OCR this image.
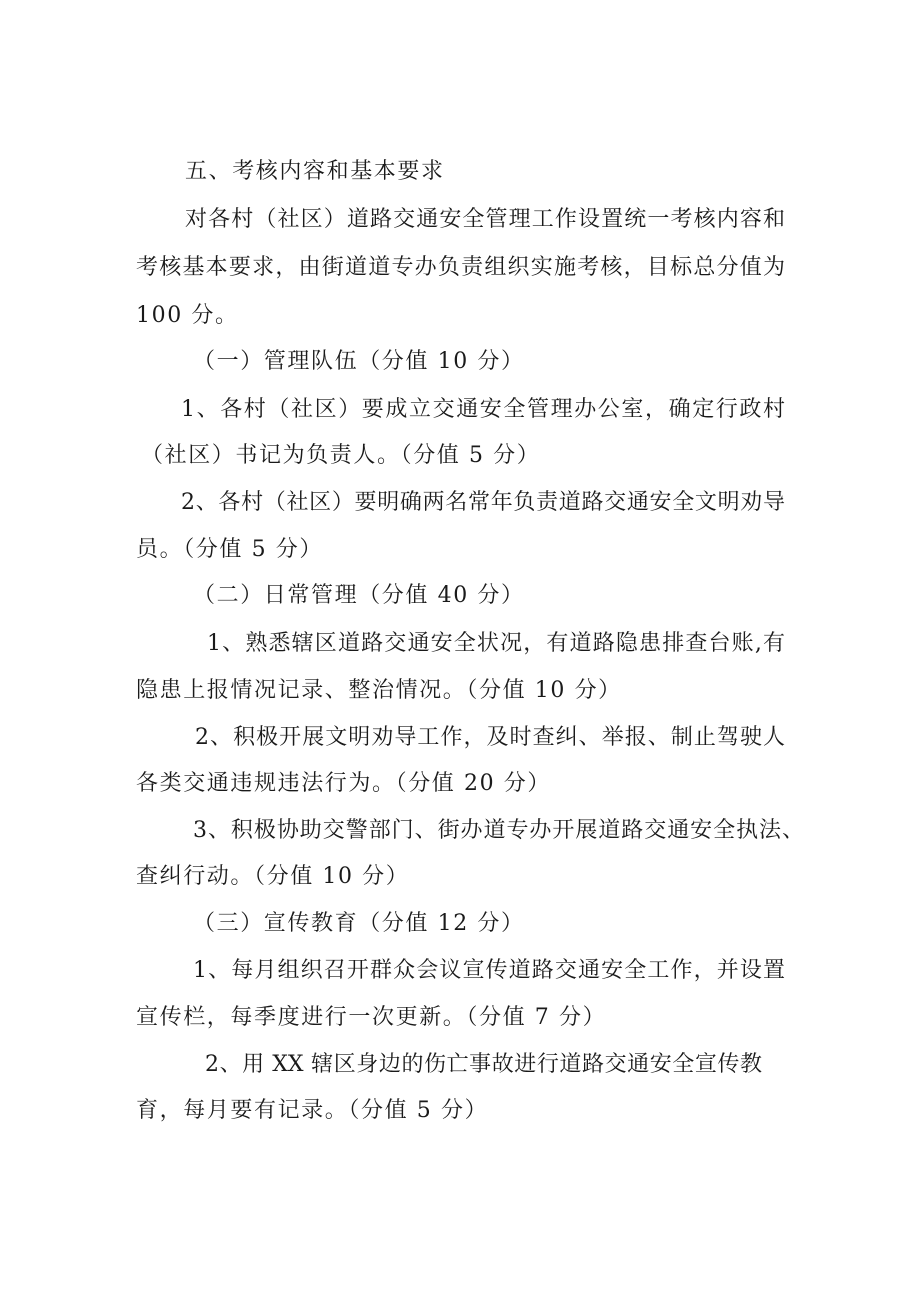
五、考核内容和基本要求
对各村（社区）道路交通安全管理工作设置统一考核内容和
考核基本要求，由街道道专办负责组织实施考核，目标总分值为
100 分。
（一）管理队伍（分值 10 分）
1、各村（社区）要成立交通安全管理办公室，确定行政村
（社区）书记为负责人。（分值 5 分）
2、各村（社区）要明确两名常年负责道路交通安全文明劝导
员。（分值 5 分）
（二）日常管理（分值 40 分）
1、熟悉辖区道路交通安全状况，有道路隐患排查台账,有
隐患上报情况记录、整治情况。（分值 10 分）
2、积极开展文明劝导工作，及时查纠、举报、制止驾驶人
各类交通违规违法行为。（分值 20 分）
3、积极协助交警部门、街办道专办开展道路交通安全执法、
查纠行动。（分值 10 分）
（三）宣传教育（分值 12 分）
1、每月组织召开群众会议宣传道路交通安全工作，并设置
宣传栏，每季度进行一次更新。（分值 7 分）
2、用 XX 辖区身边的伤亡事故进行道路交通安全宣传教
育，每月要有记录。（分值 5 分）
